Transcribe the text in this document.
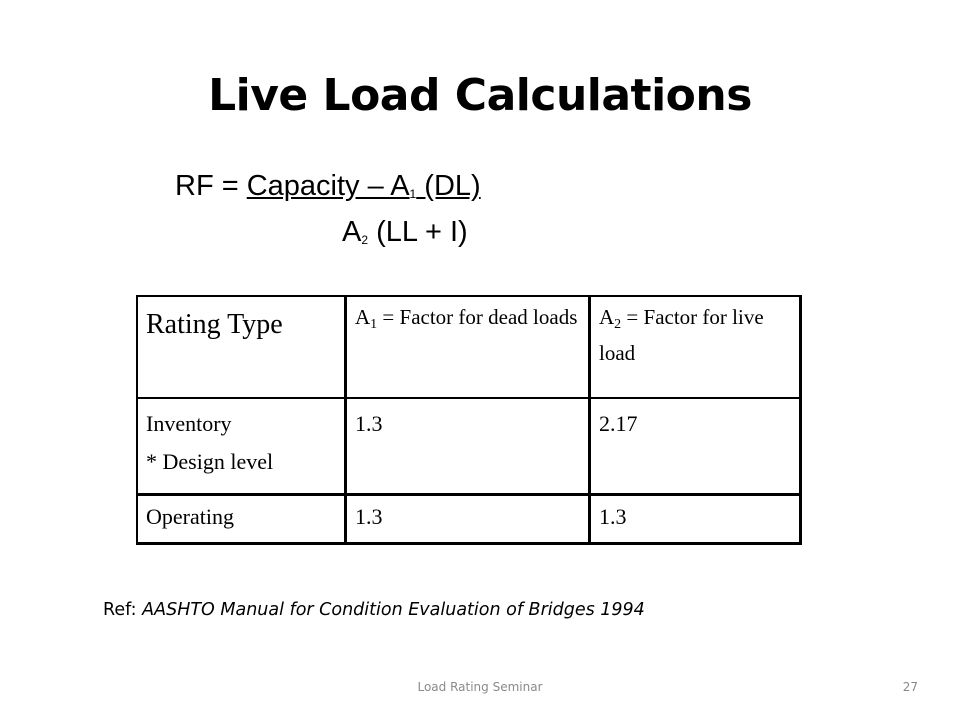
Live Load Calculations
RF = Capacity – A1 (DL)
A2 (LL + I)
Rating Type	$A_1$ = Factor for dead loads	$A_2$ = Factor for live load

Inventory
* Design level	1.3	2.17
Operating	1.3	1.3
Ref: AASHTO Manual for Condition Evaluation of Bridges 1994
Load Rating Seminar	27
